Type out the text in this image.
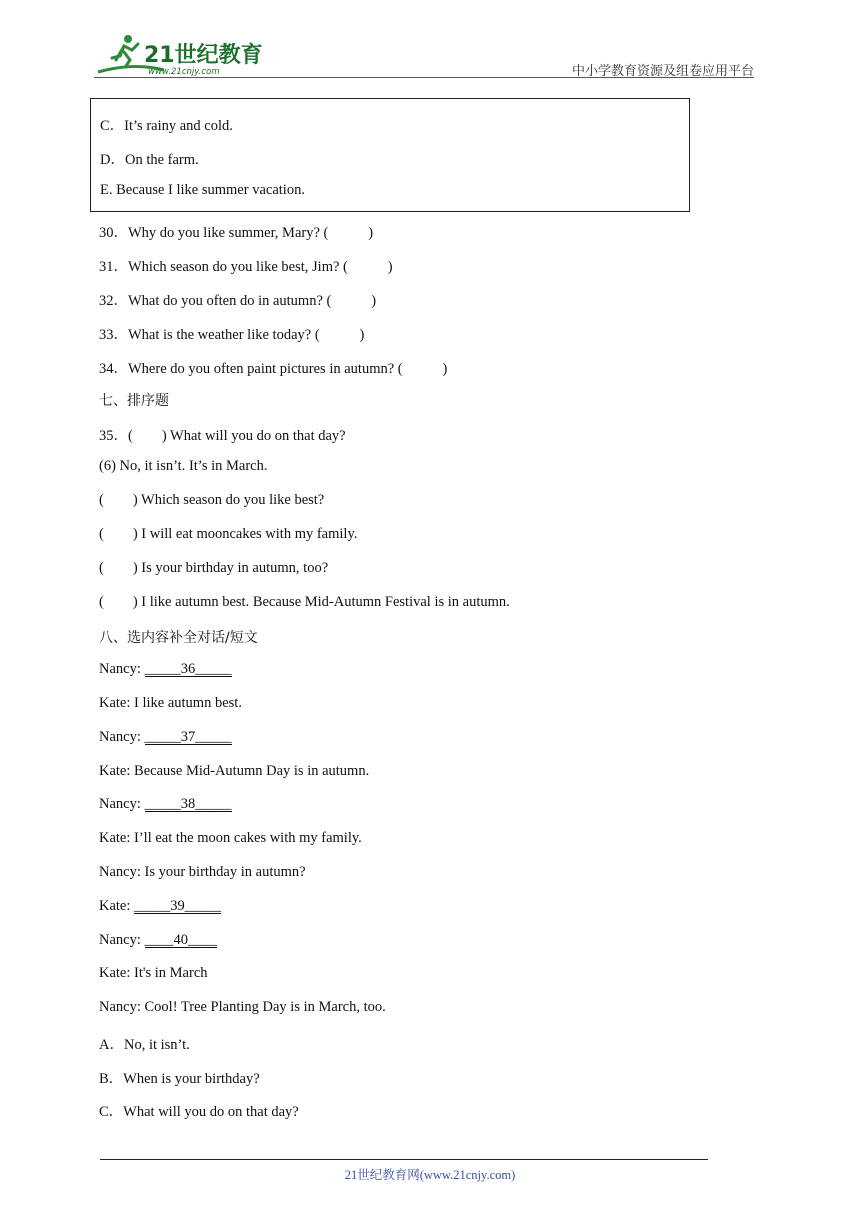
21世纪教育
www.21cnjy.com	中小学教育资源及组卷应用平台
C．It’s rainy and cold.
D．On the farm.
E. Because I like summer vacation.
30．Why do you like summer, Mary? (           )
31．Which season do you like best, Jim? (           )
32．What do you often do in autumn? (           )
33．What is the weather like today? (           )
34．Where do you often paint pictures in autumn? (           )
七、排序题
35．(        ) What will you do on that day?
(6) No, it isn’t. It’s in March.
(        ) Which season do you like best?
(        ) I will eat mooncakes with my family.
(        ) Is your birthday in autumn, too?
(        ) I like autumn best. Because Mid-Autumn Festival is in autumn.
八、选内容补全对话/短文
Nancy: _____36_____
Kate: I like autumn best.
Nancy: _____37_____
Kate: Because Mid-Autumn Day is in autumn.
Nancy: _____38_____
Kate: I’ll eat the moon cakes with my family.
Nancy: Is your birthday in autumn?
Kate: _____39_____
Nancy: ____40____
Kate: It's in March
Nancy: Cool! Tree Planting Day is in March, too.
A．No, it isn’t.
B．When is your birthday?
C．What will you do on that day?
21世纪教育网(www.21cnjy.com)
